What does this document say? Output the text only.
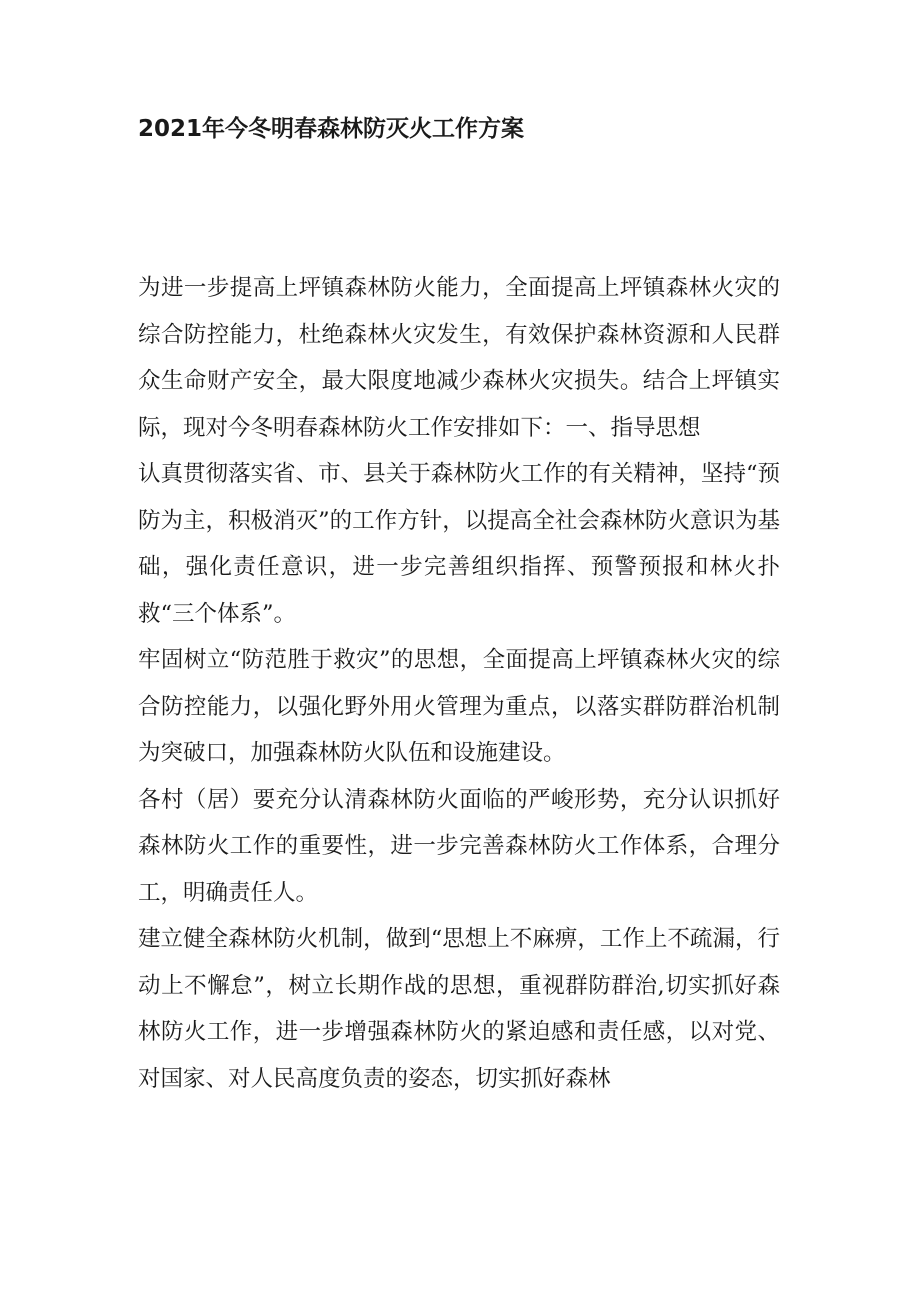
2021年今冬明春森林防灭火工作方案

为进一步提高上坪镇森林防火能力，全面提高上坪镇森林火灾的综合防控能力，杜绝森林火灾发生，有效保护森林资源和人民群众生命财产安全，最大限度地减少森林火灾损失。结合上坪镇实际，现对今冬明春森林防火工作安排如下：一、指导思想

认真贯彻落实省、市、县关于森林防火工作的有关精神，坚持“预防为主，积极消灭”的工作方针，以提高全社会森林防火意识为基础，强化责任意识，进一步完善组织指挥、预警预报和林火扑救“三个体系”。

牢固树立“防范胜于救灾”的思想，全面提高上坪镇森林火灾的综合防控能力，以强化野外用火管理为重点，以落实群防群治机制为突破口，加强森林防火队伍和设施建设。

各村（居）要充分认清森林防火面临的严峻形势，充分认识抓好森林防火工作的重要性，进一步完善森林防火工作体系，合理分工，明确责任人。

建立健全森林防火机制，做到“思想上不麻痹，工作上不疏漏，行动上不懈怠”，树立长期作战的思想，重视群防群治,切实抓好森林防火工作，进一步增强森林防火的紧迫感和责任感，以对党、对国家、对人民高度负责的姿态，切实抓好森林
